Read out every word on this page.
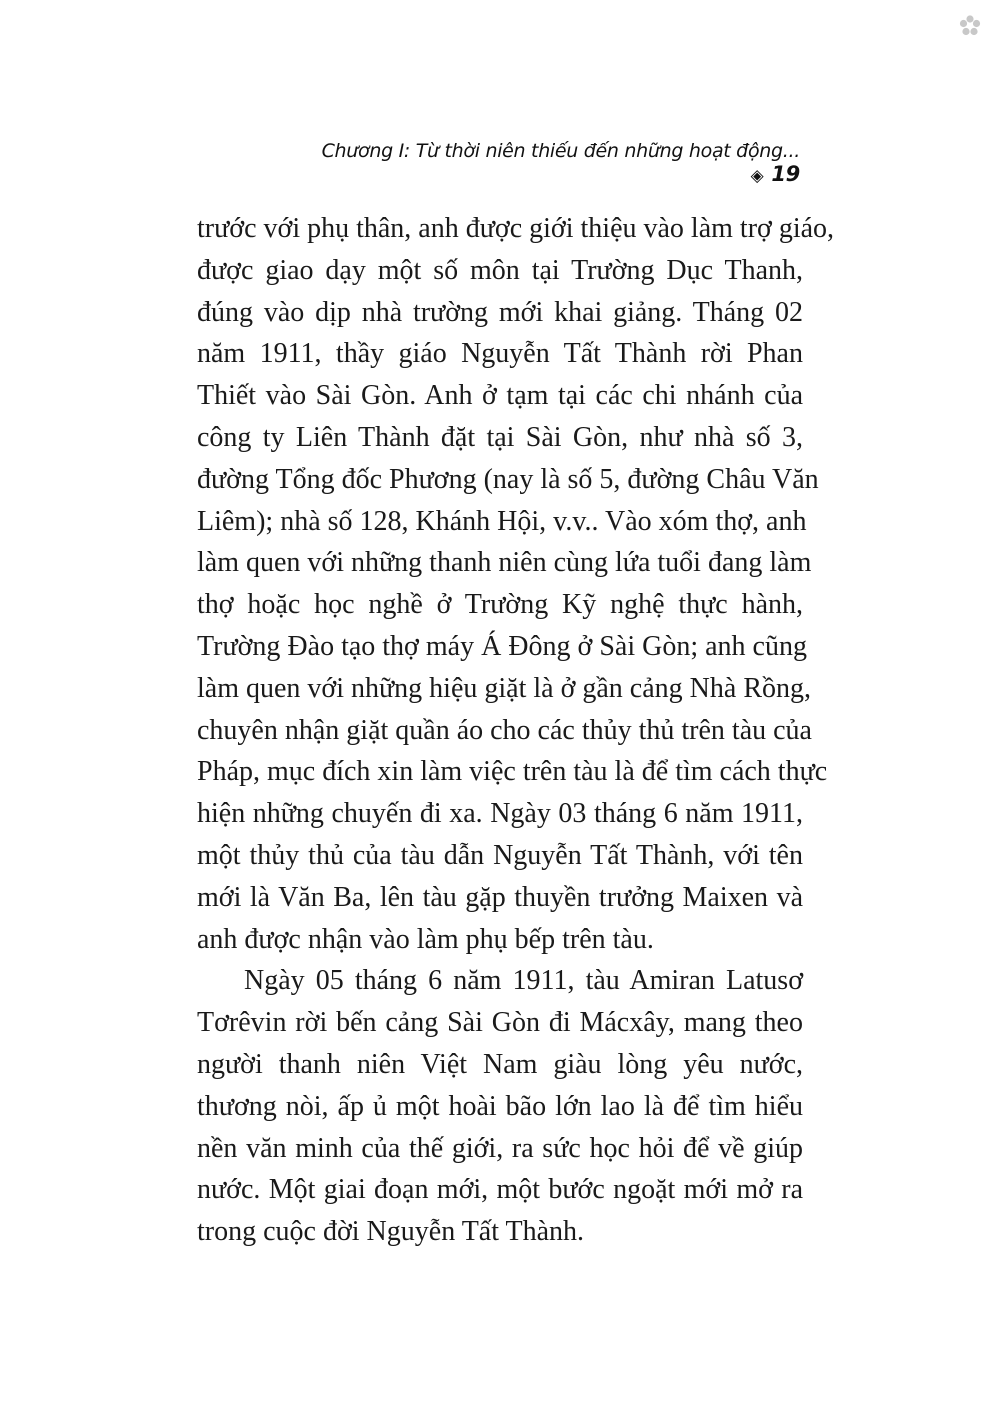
Chương I: Từ thời niên thiếu đến những hoạt động...◈ 19
trước với phụ thân, anh được giới thiệu vào làm trợ giáo,
được giao dạy một số môn tại Trường Dục Thanh,
đúng vào dịp nhà trường mới khai giảng. Tháng 02
năm 1911, thầy giáo Nguyễn Tất Thành rời Phan
Thiết vào Sài Gòn. Anh ở tạm tại các chi nhánh của
công ty Liên Thành đặt tại Sài Gòn, như nhà số 3,
đường Tổng đốc Phương (nay là số 5, đường Châu Văn
Liêm); nhà số 128, Khánh Hội, v.v.. Vào xóm thợ, anh
làm quen với những thanh niên cùng lứa tuổi đang làm
thợ hoặc học nghề ở Trường Kỹ nghệ thực hành,
Trường Đào tạo thợ máy Á Đông ở Sài Gòn; anh cũng
làm quen với những hiệu giặt là ở gần cảng Nhà Rồng,
chuyên nhận giặt quần áo cho các thủy thủ trên tàu của
Pháp, mục đích xin làm việc trên tàu là để tìm cách thực
hiện những chuyến đi xa. Ngày 03 tháng 6 năm 1911,
một thủy thủ của tàu dẫn Nguyễn Tất Thành, với tên
mới là Văn Ba, lên tàu gặp thuyền trưởng Maixen và
anh được nhận vào làm phụ bếp trên tàu.
Ngày 05 tháng 6 năm 1911, tàu Amiran Latusơ
Tơrêvin rời bến cảng Sài Gòn đi Mácxây, mang theo
người thanh niên Việt Nam giàu lòng yêu nước,
thương nòi, ấp ủ một hoài bão lớn lao là để tìm hiểu
nền văn minh của thế giới, ra sức học hỏi để về giúp
nước. Một giai đoạn mới, một bước ngoặt mới mở ra
trong cuộc đời Nguyễn Tất Thành.
